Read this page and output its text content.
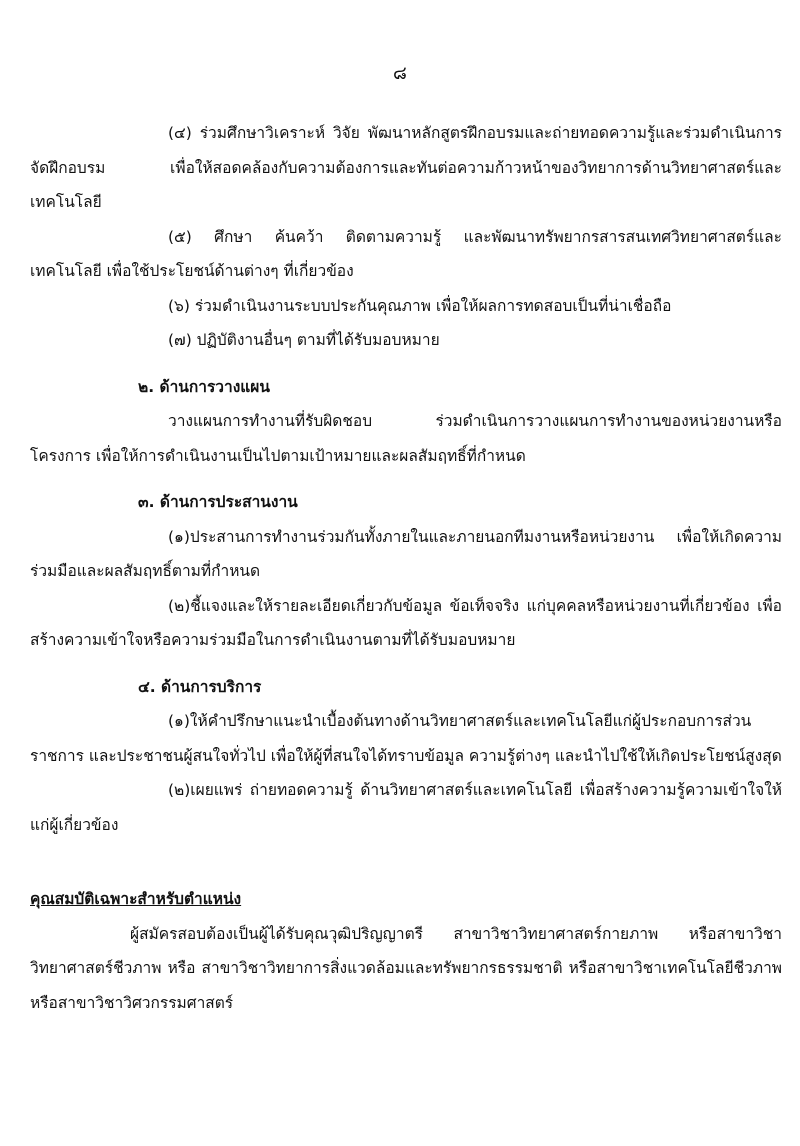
๘

(๔) ร่วมศึกษาวิเคราะห์ วิจัย พัฒนาหลักสูตรฝึกอบรมและถ่ายทอดความรู้และร่วมดำเนินการจัดฝึกอบรม เพื่อให้สอดคล้องกับความต้องการและทันต่อความก้าวหน้าของวิทยาการด้านวิทยาศาสตร์และเทคโนโลยี

(๕) ศึกษา ค้นคว้า ติดตามความรู้ และพัฒนาทรัพยากรสารสนเทศวิทยาศาสตร์และเทคโนโลยี เพื่อใช้ประโยชน์ด้านต่างๆ ที่เกี่ยวข้อง

(๖) ร่วมดำเนินงานระบบประกันคุณภาพ เพื่อให้ผลการทดสอบเป็นที่น่าเชื่อถือ

(๗) ปฏิบัติงานอื่นๆ ตามที่ได้รับมอบหมาย

๒. ด้านการวางแผน

วางแผนการทำงานที่รับผิดชอบ ร่วมดำเนินการวางแผนการทำงานของหน่วยงานหรือโครงการ เพื่อให้การดำเนินงานเป็นไปตามเป้าหมายและผลสัมฤทธิ์ที่กำหนด

๓. ด้านการประสานงาน

(๑)ประสานการทำงานร่วมกันทั้งภายในและภายนอกทีมงานหรือหน่วยงาน เพื่อให้เกิดความร่วมมือและผลสัมฤทธิ์ตามที่กำหนด

(๒)ชี้แจงและให้รายละเอียดเกี่ยวกับข้อมูล ข้อเท็จจริง แก่บุคคลหรือหน่วยงานที่เกี่ยวข้อง เพื่อสร้างความเข้าใจหรือความร่วมมือในการดำเนินงานตามที่ได้รับมอบหมาย

๔. ด้านการบริการ

(๑)ให้คำปรึกษาแนะนำเบื้องต้นทางด้านวิทยาศาสตร์และเทคโนโลยีแก่ผู้ประกอบการส่วนราชการ และประชาชนผู้สนใจทั่วไป เพื่อให้ผู้ที่สนใจได้ทราบข้อมูล ความรู้ต่างๆ และนำไปใช้ให้เกิดประโยชน์สูงสุด

(๒)เผยแพร่ ถ่ายทอดความรู้ ด้านวิทยาศาสตร์และเทคโนโลยี เพื่อสร้างความรู้ความเข้าใจให้แก่ผู้เกี่ยวข้อง

คุณสมบัติเฉพาะสำหรับตำแหน่ง

ผู้สมัครสอบต้องเป็นผู้ได้รับคุณวุฒิปริญญาตรี สาขาวิชาวิทยาศาสตร์กายภาพ หรือสาขาวิชาวิทยาศาสตร์ชีวภาพ หรือ สาขาวิชาวิทยาการสิ่งแวดล้อมและทรัพยากรธรรมชาติ หรือสาขาวิชาเทคโนโลยีชีวภาพ หรือสาขาวิชาวิศวกรรมศาสตร์
